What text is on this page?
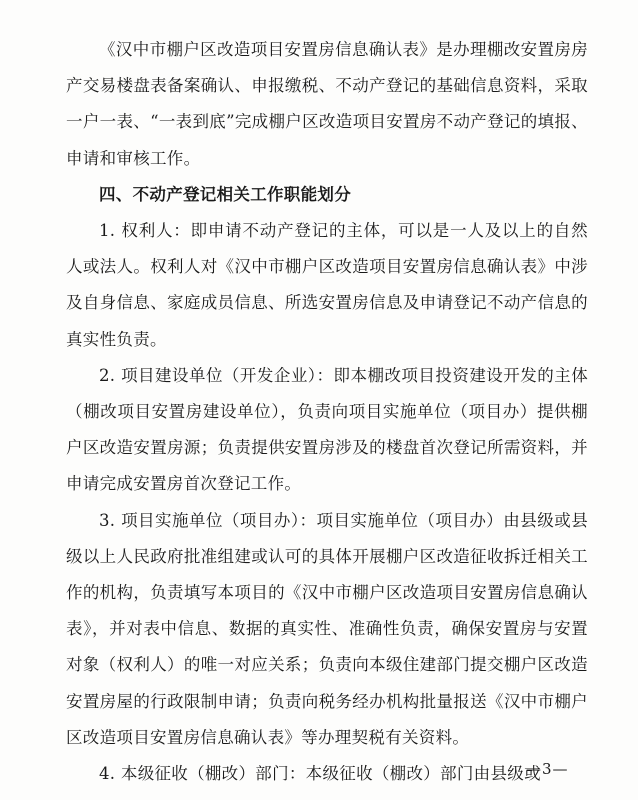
《汉中市棚户区改造项目安置房信息确认表》是办理棚改安置房房产交易楼盘表备案确认、申报缴税、不动产登记的基础信息资料，采取一户一表、“一表到底”完成棚户区改造项目安置房不动产登记的填报、申请和审核工作。

四、不动产登记相关工作职能划分

1. 权利人：即申请不动产登记的主体，可以是一人及以上的自然人或法人。权利人对《汉中市棚户区改造项目安置房信息确认表》中涉及自身信息、家庭成员信息、所选安置房信息及申请登记不动产信息的真实性负责。

2. 项目建设单位（开发企业）：即本棚改项目投资建设开发的主体（棚改项目安置房建设单位），负责向项目实施单位（项目办）提供棚户区改造安置房源；负责提供安置房涉及的楼盘首次登记所需资料，并申请完成安置房首次登记工作。

3. 项目实施单位（项目办）：项目实施单位（项目办）由县级或县级以上人民政府批准组建或认可的具体开展棚户区改造征收拆迁相关工作的机构，负责填写本项目的《汉中市棚户区改造项目安置房信息确认表》，并对表中信息、数据的真实性、准确性负责，确保安置房与安置对象（权利人）的唯一对应关系；负责向本级住建部门提交棚户区改造安置房屋的行政限制申请；负责向税务经办机构批量报送《汉中市棚户区改造项目安置房信息确认表》等办理契税有关资料。

4. 本级征收（棚改）部门：本级征收（棚改）部门由县级或

—3—
